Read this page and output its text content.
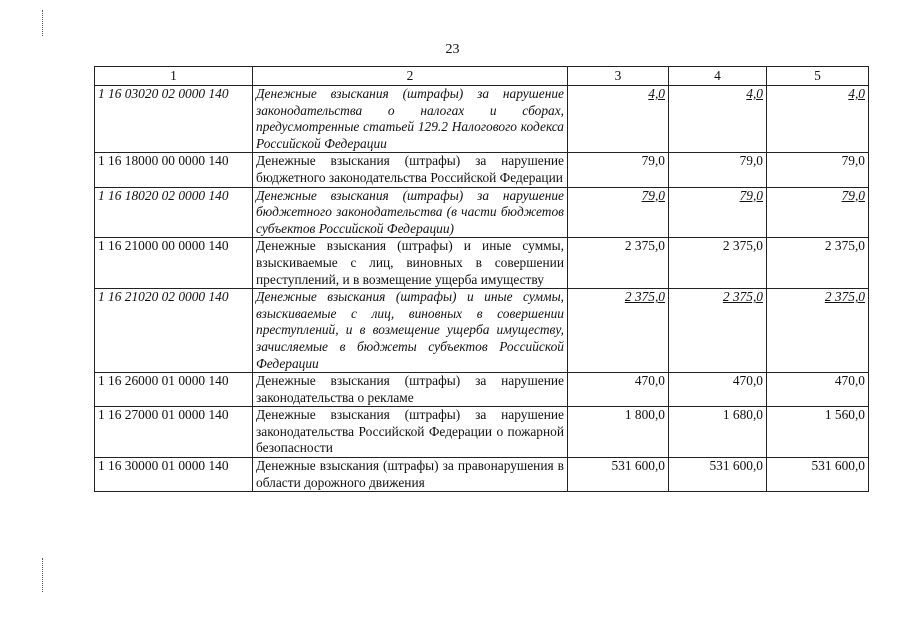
23
1	2	3	4	5
1 16 03020 02 0000 140	Денежные взыскания (штрафы) за нарушение законодательства о налогах и сборах, предусмотренные статьей 129.2 Налогового кодекса Российской Федерации	4,0	4,0	4,0
1 16 18000 00 0000 140	Денежные взыскания (штрафы) за нарушение бюджетного законодательства Российской Федерации	79,0	79,0	79,0
1 16 18020 02 0000 140	Денежные взыскания (штрафы) за нарушение бюджетного законодательства (в части бюджетов субъектов Российской Федерации)	79,0	79,0	79,0
1 16 21000 00 0000 140	Денежные взыскания (штрафы) и иные суммы, взыскиваемые с лиц, виновных в совершении преступлений, и в возмещение ущерба имуществу	2 375,0	2 375,0	2 375,0
1 16 21020 02 0000 140	Денежные взыскания (штрафы) и иные суммы, взыскиваемые с лиц, виновных в совершении преступлений, и в возмещение ущерба имуществу, зачисляемые в бюджеты субъектов Российской Федерации	2 375,0	2 375,0	2 375,0
1 16 26000 01 0000 140	Денежные взыскания (штрафы) за нарушение законодательства о рекламе	470,0	470,0	470,0
1 16 27000 01 0000 140	Денежные взыскания (штрафы) за нарушение законодательства Российской Федерации о пожарной безопасности	1 800,0	1 680,0	1 560,0
1 16 30000 01 0000 140	Денежные взыскания (штрафы) за правонарушения в области дорожного движения	531 600,0	531 600,0	531 600,0
